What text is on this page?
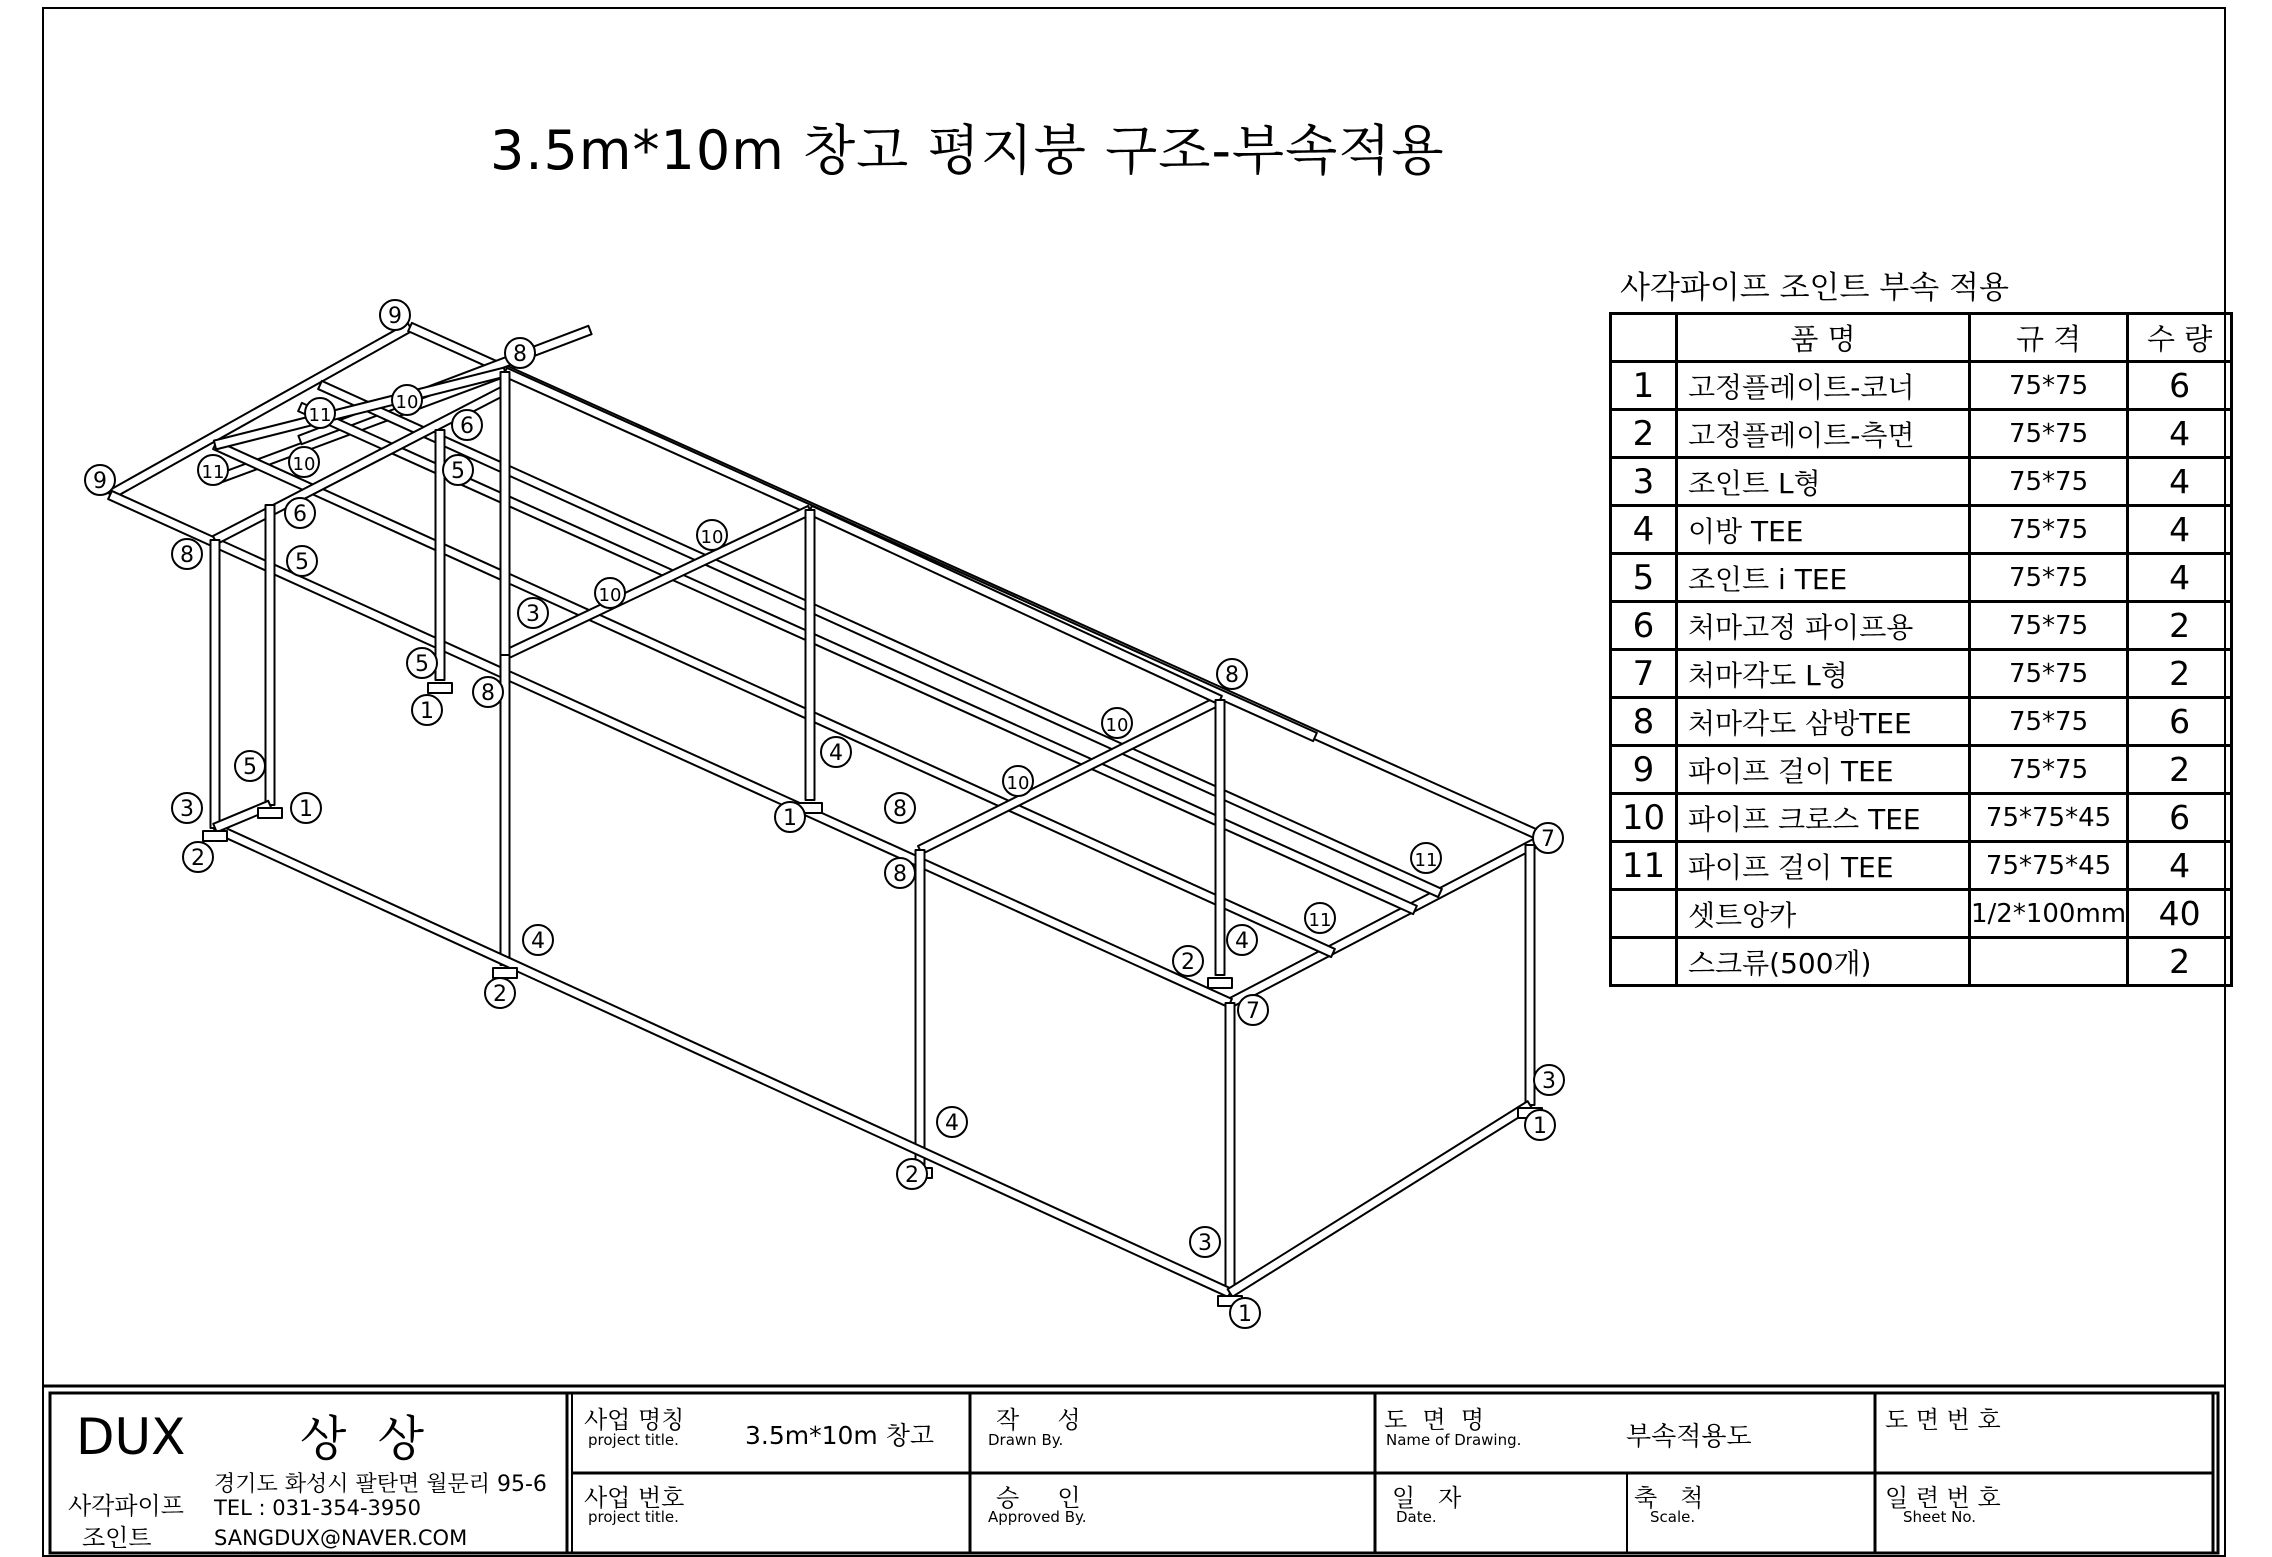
9
8
11
10
6
9	11	10	5
8
6
5
8
10
3
10
5
1
8
8
10
4
5
3	1
2
10
1
8
7
11
4	4
11
2
2
7
4
3
2
1
3
1
3.5m*10m 창고 평지붕 구조-부속적용
사각파이프 조인트 부속 적용
	품 명	규 격	수 량
1	고정플레이트-코너	75*75	6
2	고정플레이트-측면	75*75	4
3	조인트 L형	75*75	4
4	이방 TEE	75*75	4
5	조인트 i TEE	75*75	4
6	처마고정 파이프용	75*75	2
7	처마각도 L형	75*75	2
8	처마각도 삼방TEE	75*75	6
9	파이프 걸이 TEE	75*75	2
10	파이프 크로스 TEE	75*75*45	6
11	파이프 걸이 TEE	75*75*45	4
	셋트앙카	1/2*100mm	40
	스크류(500개)		2
DUX 상 상
사각파이프
조인트
경기도 화성시 팔탄면 월문리 95-6
TEL : 031-354-3950
SANGDUX@NAVER.COM
사업 명칭
project title.	3.5m*10m 창고
사업 번호
project title.
작     성
Drawn By.
승     인
Approved By.
도  면  명
Name of Drawing.	부속적용도
일   자
Date.
축   척
Scale.
도 면 번 호
일 련 번 호
Sheet No.
